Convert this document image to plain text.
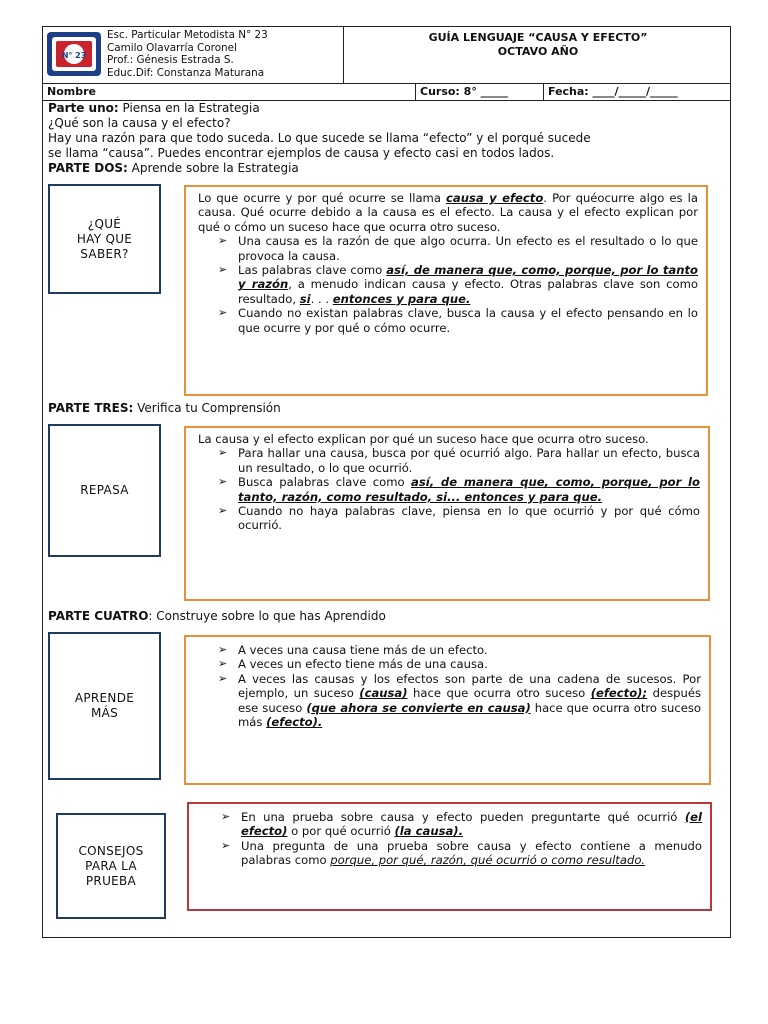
N° 23
Esc. Particular Metodista N° 23
Camilo Olavarría Coronel
Prof.: Génesis Estrada S.
Educ.Dif: Constanza Maturana
GUÍA LENGUAJE “CAUSA Y EFECTO”
OCTAVO AÑO
Nombre	Curso: 8° _____	Fecha: ____/_____/_____
Parte uno: Piensa en la Estrategia
¿Qué son la causa y el efecto?
Hay una razón para que todo suceda. Lo que sucede se llama “efecto” y el porqué sucede
se llama “causa”. Puedes encontrar ejemplos de causa y efecto casi en todos lados.
PARTE DOS: Aprende sobre la Estrategia
¿QUÉ
HAY QUE
SABER?

Lo que ocurre y por qué ocurre se llama causa y efecto. Por quéocurre algo es la causa. Qué ocurre debido a la causa es el efecto. La causa y el efecto explican por qué o cómo un suceso hace que ocurra otro suceso.

➢ Una causa es la razón de que algo ocurra. Un efecto es el resultado o lo que provoca la causa.

➢ Las palabras clave como así, de manera que, como, porque, por lo tanto y razón, a menudo indican causa y efecto. Otras palabras clave son como resultado, si. . . entonces y para que.

➢ Cuando no existan palabras clave, busca la causa y el efecto pensando en lo que ocurre y por qué o cómo ocurre.

PARTE TRES: Verifica tu Comprensión
REPASA

La causa y el efecto explican por qué un suceso hace que ocurra otro suceso.

➢ Para hallar una causa, busca por qué ocurrió algo. Para hallar un efecto, busca un resultado, o lo que ocurrió.

➢ Busca palabras clave como así, de manera que, como, porque, por lo tanto, razón, como resultado, si... entonces y para que.

➢ Cuando no haya palabras clave, piensa en lo que ocurrió y por qué cómo ocurrió.

PARTE CUATRO: Construye sobre lo que has Aprendido
APRENDE
MÁS

➢ A veces una causa tiene más de un efecto.

➢ A veces un efecto tiene más de una causa.

➢ A veces las causas y los efectos son parte de una cadena de sucesos. Por ejemplo, un suceso (causa) hace que ocurra otro suceso (efecto); después ese suceso (que ahora se convierte en causa) hace que ocurra otro suceso más (efecto).

CONSEJOS
PARA LA
PRUEBA

➢ En una prueba sobre causa y efecto pueden preguntarte qué ocurrió (el efecto) o por qué ocurrió (la causa).

➢ Una pregunta de una prueba sobre causa y efecto contiene a menudo palabras como porque, por qué, razón, qué ocurrió o como resultado.
